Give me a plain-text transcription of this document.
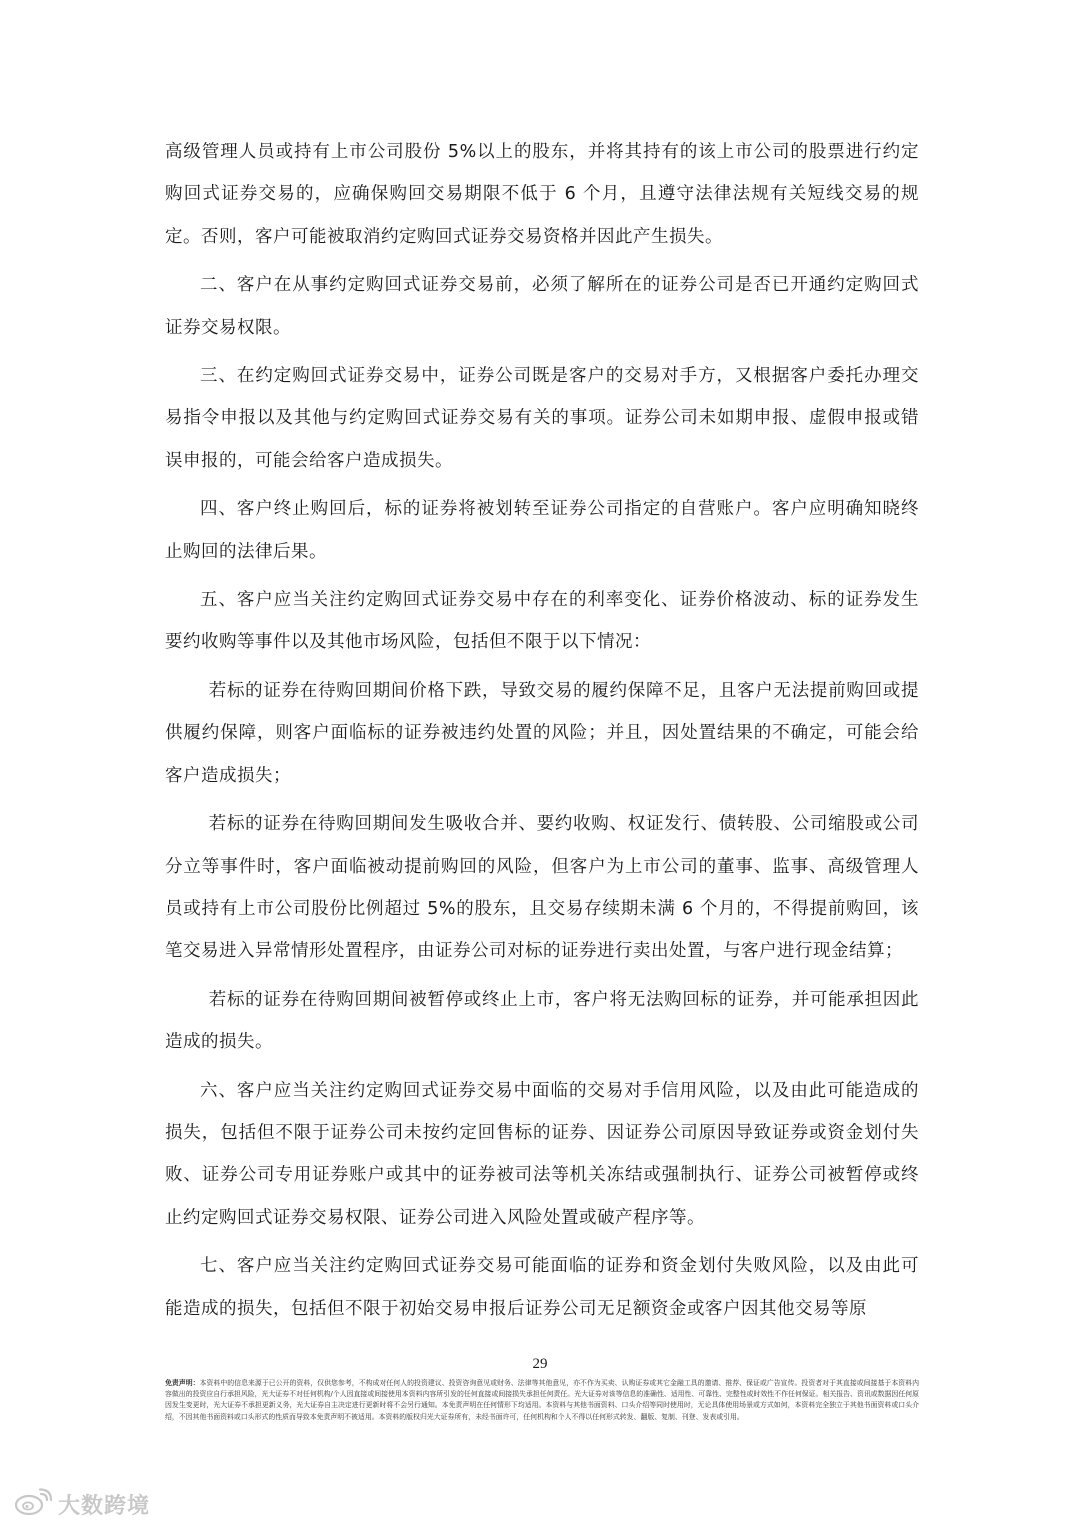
高级管理人员或持有上市公司股份 5%以上的股东，并将其持有的该上市公司的股票进行约定购回式证券交易的，应确保购回交易期限不低于 6 个月，且遵守法律法规有关短线交易的规定。否则，客户可能被取消约定购回式证券交易资格并因此产生损失。

二、客户在从事约定购回式证券交易前，必须了解所在的证券公司是否已开通约定购回式证券交易权限。

三、在约定购回式证券交易中，证券公司既是客户的交易对手方，又根据客户委托办理交易指令申报以及其他与约定购回式证券交易有关的事项。证券公司未如期申报、虚假申报或错误申报的，可能会给客户造成损失。

四、客户终止购回后，标的证券将被划转至证券公司指定的自营账户。客户应明确知晓终止购回的法律后果。

五、客户应当关注约定购回式证券交易中存在的利率变化、证券价格波动、标的证券发生要约收购等事件以及其他市场风险，包括但不限于以下情况：

若标的证券在待购回期间价格下跌，导致交易的履约保障不足，且客户无法提前购回或提供履约保障，则客户面临标的证券被违约处置的风险；并且，因处置结果的不确定，可能会给客户造成损失；

若标的证券在待购回期间发生吸收合并、要约收购、权证发行、债转股、公司缩股或公司分立等事件时，客户面临被动提前购回的风险，但客户为上市公司的董事、监事、高级管理人员或持有上市公司股份比例超过 5%的股东，且交易存续期未满 6 个月的，不得提前购回，该笔交易进入异常情形处置程序，由证券公司对标的证券进行卖出处置，与客户进行现金结算；

若标的证券在待购回期间被暂停或终止上市，客户将无法购回标的证券，并可能承担因此造成的损失。

六、客户应当关注约定购回式证券交易中面临的交易对手信用风险，以及由此可能造成的损失，包括但不限于证券公司未按约定回售标的证券、因证券公司原因导致证券或资金划付失败、证券公司专用证券账户或其中的证券被司法等机关冻结或强制执行、证券公司被暂停或终止约定购回式证券交易权限、证券公司进入风险处置或破产程序等。

七、客户应当关注约定购回式证券交易可能面临的证券和资金划付失败风险，以及由此可能造成的损失，包括但不限于初始交易申报后证券公司无足额资金或客户因其他交易等原

29
免责声明：本资料中的信息来源于已公开的资料，仅供您参考，不构成对任何人的投资建议、投资咨询意见或财务、法律等其他意见，亦不作为买卖、认购证券或其它金融工具的邀请、推荐、保证或广告宣传。投资者对于其直接或间接基于本资料内容做出的投资应自行承担风险，光大证券不对任何机构/个人因直接或间接使用本资料内容所引发的任何直接或间接损失承担任何责任。光大证券对该等信息的准确性、适用性、可靠性、完整性或时效性不作任何保证。相关报告、资讯或数据因任何原因发生变更时，光大证券不承担更新义务，光大证券自主决定进行更新时将不会另行通知。本免责声明在任何情形下均适用。本资料与其他书面资料、口头介绍等同时使用时，无论具体使用场景或方式如何，本资料完全独立于其他书面资料或口头介绍，不因其他书面资料或口头形式的性质而导致本免责声明不被适用。本资料的版权归光大证券所有，未经书面许可，任何机构和个人不得以任何形式转发、翻版、复制、刊登、发表或引用。
大数跨境
